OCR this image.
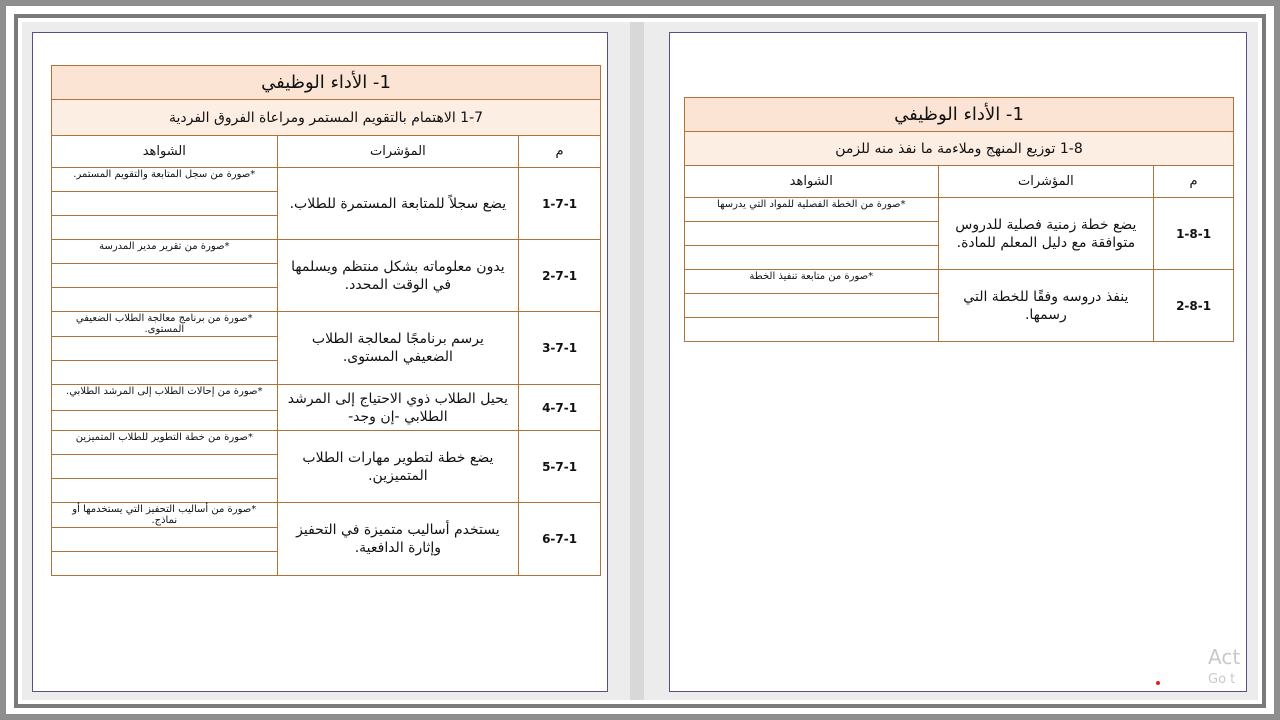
1- الأداء الوظيفي		
1-7 الاهتمام بالتقويم المستمر ومراعاة الفروق الفردية		
م	المؤشرات	الشواهد
1-7-1	يضع سجلاً للمتابعة المستمرة للطلاب.	*صورة من سجل المتابعة والتقويم المستمر.

2-7-1	يدون معلوماته بشكل منتظم ويسلمها في الوقت المحدد.	*صورة من تقرير مدير المدرسة

3-7-1	يرسم برنامجًا لمعالجة الطلاب الضعيفي المستوى.	*صورة من برنامج معالجة الطلاب الضعيفي المستوى.

4-7-1	يحيل الطلاب ذوي الاحتياج إلى المرشد الطلابي -إن وجد-	*صورة من إحالات الطلاب إلى المرشد الطلابي.

5-7-1	يضع خطة لتطوير مهارات الطلاب المتميزين.	*صورة من خطة التطوير للطلاب المتميزين

6-7-1	يستخدم أساليب متميزة في التحفيز وإثارة الدافعية.	*صورة من أساليب التحفيز التي يستخدمها أو نماذج.

1- الأداء الوظيفي		
1-8 توزيع المنهج وملاءمة ما نفذ منه للزمن		
م	المؤشرات	الشواهد
1-8-1	يضع خطة زمنية فصلية للدروس متوافقة مع دليل المعلم للمادة.	*صورة من الخطة الفصلية للمواد التي يدرسها

2-8-1	ينفذ دروسه وفقًا للخطة التي رسمها.	*صورة من متابعة تنفيذ الخطة

Act
Go t
